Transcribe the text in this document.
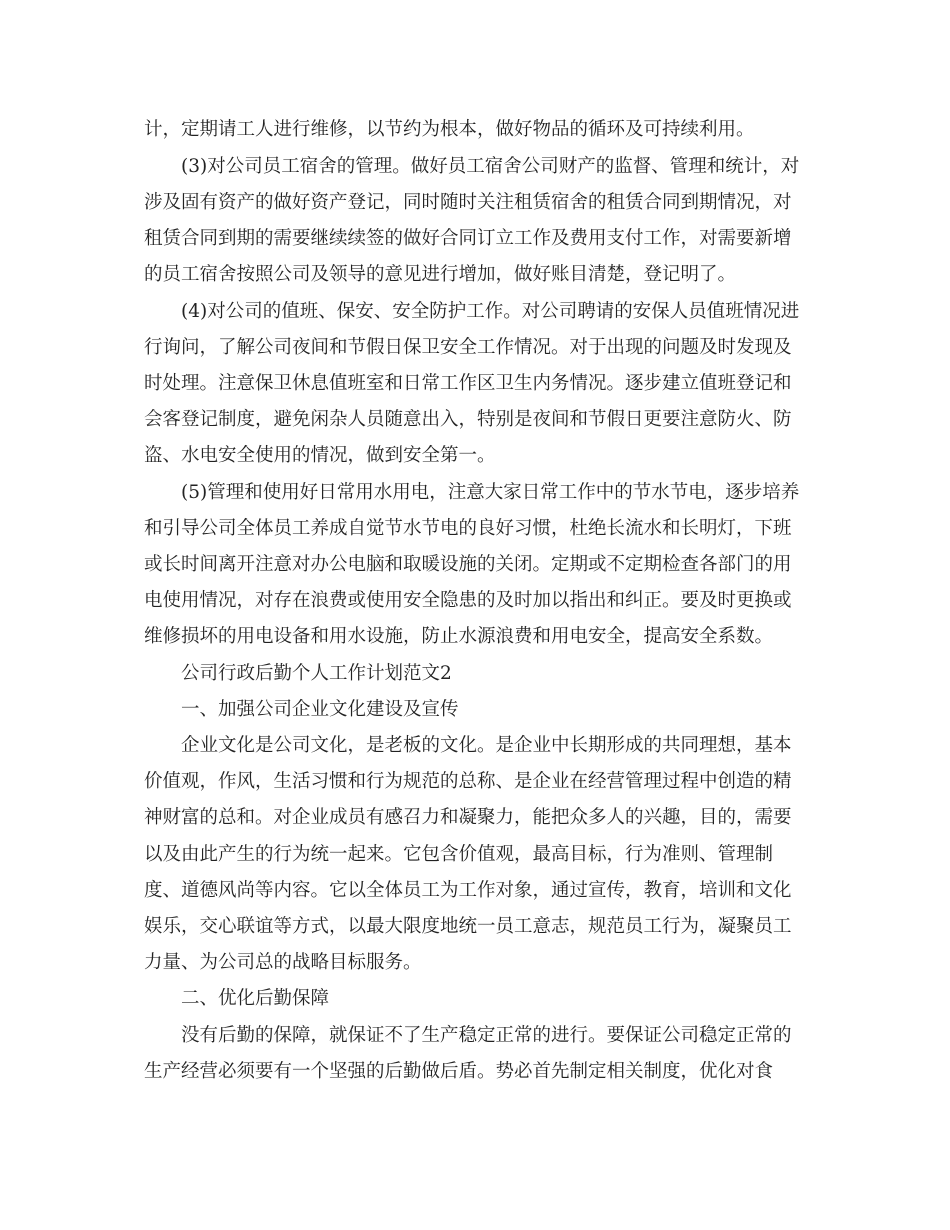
计，定期请工人进行维修，以节约为根本，做好物品的循环及可持续利用。

(3)对公司员工宿舍的管理。做好员工宿舍公司财产的监督、管理和统计，对

涉及固有资产的做好资产登记，同时随时关注租赁宿舍的租赁合同到期情况，对

租赁合同到期的需要继续续签的做好合同订立工作及费用支付工作，对需要新增

的员工宿舍按照公司及领导的意见进行增加，做好账目清楚，登记明了。

(4)对公司的值班、保安、安全防护工作。对公司聘请的安保人员值班情况进

行询问，了解公司夜间和节假日保卫安全工作情况。对于出现的问题及时发现及

时处理。注意保卫休息值班室和日常工作区卫生内务情况。逐步建立值班登记和

会客登记制度，避免闲杂人员随意出入，特别是夜间和节假日更要注意防火、防

盗、水电安全使用的情况，做到安全第一。

(5)管理和使用好日常用水用电，注意大家日常工作中的节水节电，逐步培养

和引导公司全体员工养成自觉节水节电的良好习惯，杜绝长流水和长明灯，下班

或长时间离开注意对办公电脑和取暖设施的关闭。定期或不定期检查各部门的用

电使用情况，对存在浪费或使用安全隐患的及时加以指出和纠正。要及时更换或

维修损坏的用电设备和用水设施，防止水源浪费和用电安全，提高安全系数。

公司行政后勤个人工作计划范文2

一、加强公司企业文化建设及宣传

企业文化是公司文化，是老板的文化。是企业中长期形成的共同理想，基本

价值观，作风，生活习惯和行为规范的总称、是企业在经营管理过程中创造的精

神财富的总和。对企业成员有感召力和凝聚力，能把众多人的兴趣，目的，需要

以及由此产生的行为统一起来。它包含价值观，最高目标，行为准则、管理制

度、道德风尚等内容。它以全体员工为工作对象，通过宣传，教育，培训和文化

娱乐，交心联谊等方式，以最大限度地统一员工意志，规范员工行为，凝聚员工

力量、为公司总的战略目标服务。

二、优化后勤保障

没有后勤的保障，就保证不了生产稳定正常的进行。要保证公司稳定正常的

生产经营必须要有一个坚强的后勤做后盾。势必首先制定相关制度，优化对食
